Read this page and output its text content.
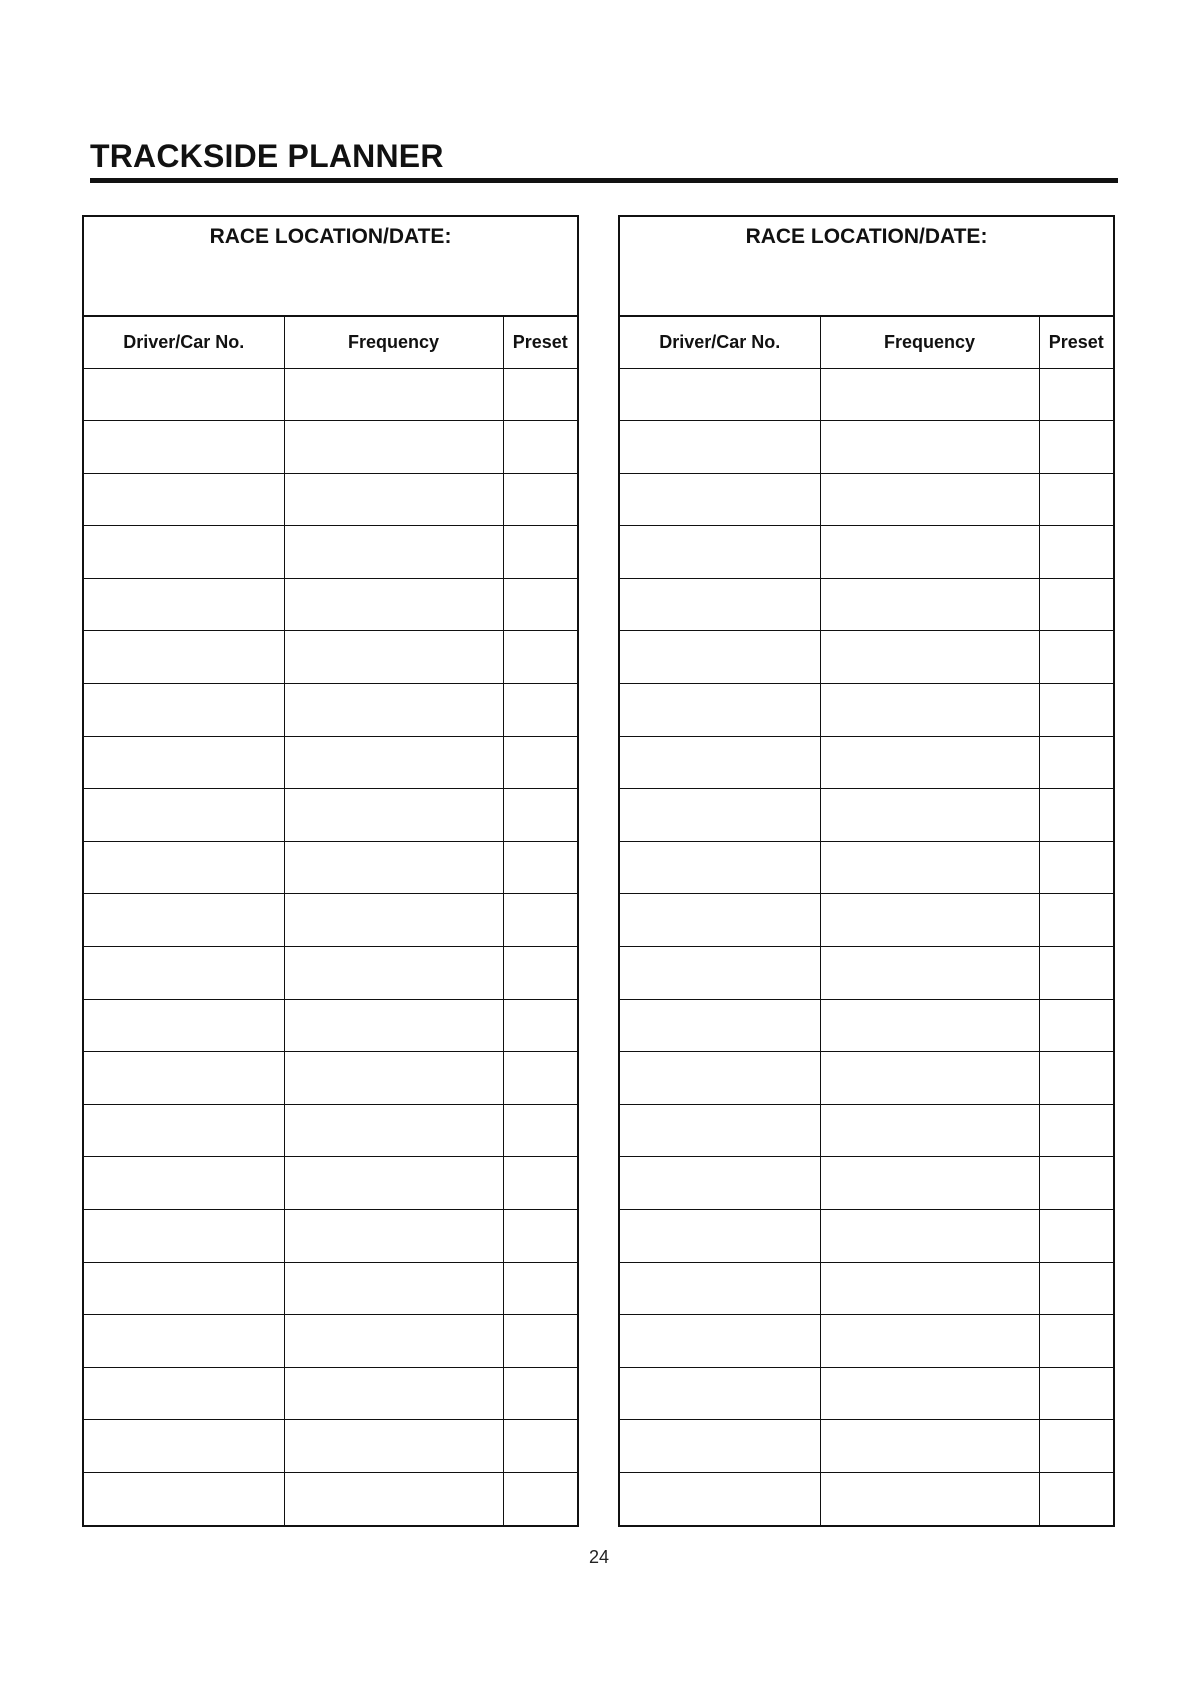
TRACKSIDE PLANNER
RACE LOCATION/DATE:
Driver/Car No.	Frequency	Preset

RACE LOCATION/DATE:
Driver/Car No.	Frequency	Preset

24
